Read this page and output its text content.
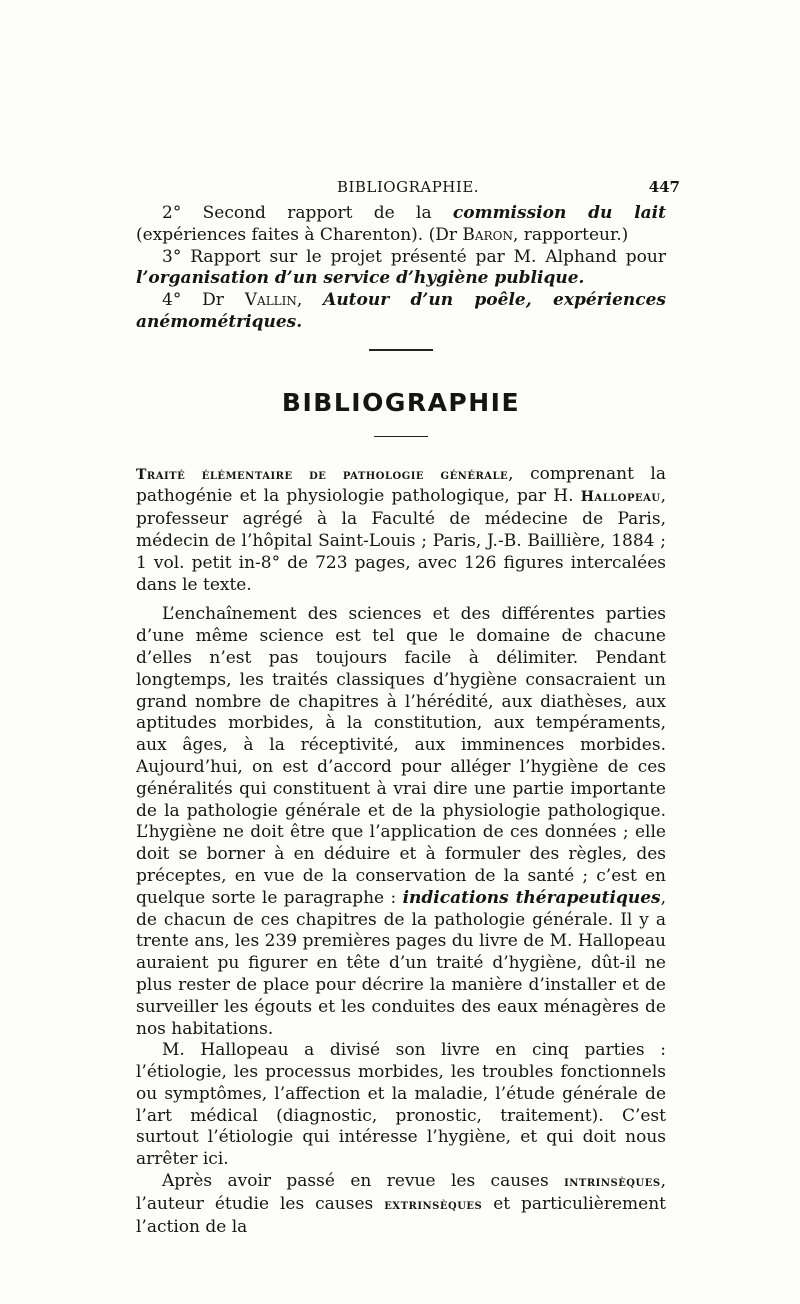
BIBLIOGRAPHIE.	447

2° Second rapport de la commission du lait (expériences faites à Charenton). (Dr Baron, rapporteur.)

3° Rapport sur le projet présenté par M. Alphand pour l’organisation d’un service d’hygiène publique.

4° Dr Vallin, Autour d’un poêle, expériences anémométriques.

BIBLIOGRAPHIE

Traité élémentaire de pathologie générale, comprenant la pathogénie et la physiologie pathologique, par H. Hallopeau, professeur agrégé à la Faculté de médecine de Paris, médecin de l’hôpital Saint-Louis ; Paris, J.-B. Baillière, 1884 ; 1 vol. petit in-8° de 723 pages, avec 126 figures intercalées dans le texte.

L’enchaînement des sciences et des différentes parties d’une même science est tel que le domaine de chacune d’elles n’est pas toujours facile à délimiter. Pendant longtemps, les traités classiques d’hygiène consacraient un grand nombre de chapitres à l’hérédité, aux diathèses, aux aptitudes morbides, à la constitution, aux tempéraments, aux âges, à la réceptivité, aux imminences morbides. Aujourd’hui, on est d’accord pour alléger l’hygiène de ces généralités qui constituent à vrai dire une partie importante de la pathologie générale et de la physiologie pathologique. L’hygiène ne doit être que l’application de ces données ; elle doit se borner à en déduire et à formuler des règles, des préceptes, en vue de la conservation de la santé ; c’est en quelque sorte le paragraphe : indications thérapeutiques, de chacun de ces chapitres de la pathologie générale. Il y a trente ans, les 239 premières pages du livre de M. Hallopeau auraient pu figurer en tête d’un traité d’hygiène, dût-il ne plus rester de place pour décrire la manière d’installer et de surveiller les égouts et les conduites des eaux ménagères de nos habitations.

M. Hallopeau a divisé son livre en cinq parties : l’étiologie, les processus morbides, les troubles fonctionnels ou symptômes, l’affection et la maladie, l’étude générale de l’art médical (diagnostic, pronostic, traitement). C’est surtout l’étiologie qui intéresse l’hygiène, et qui doit nous arrêter ici.

Après avoir passé en revue les causes intrinsèques, l’auteur étudie les causes extrinsèques et particulièrement l’action de la
